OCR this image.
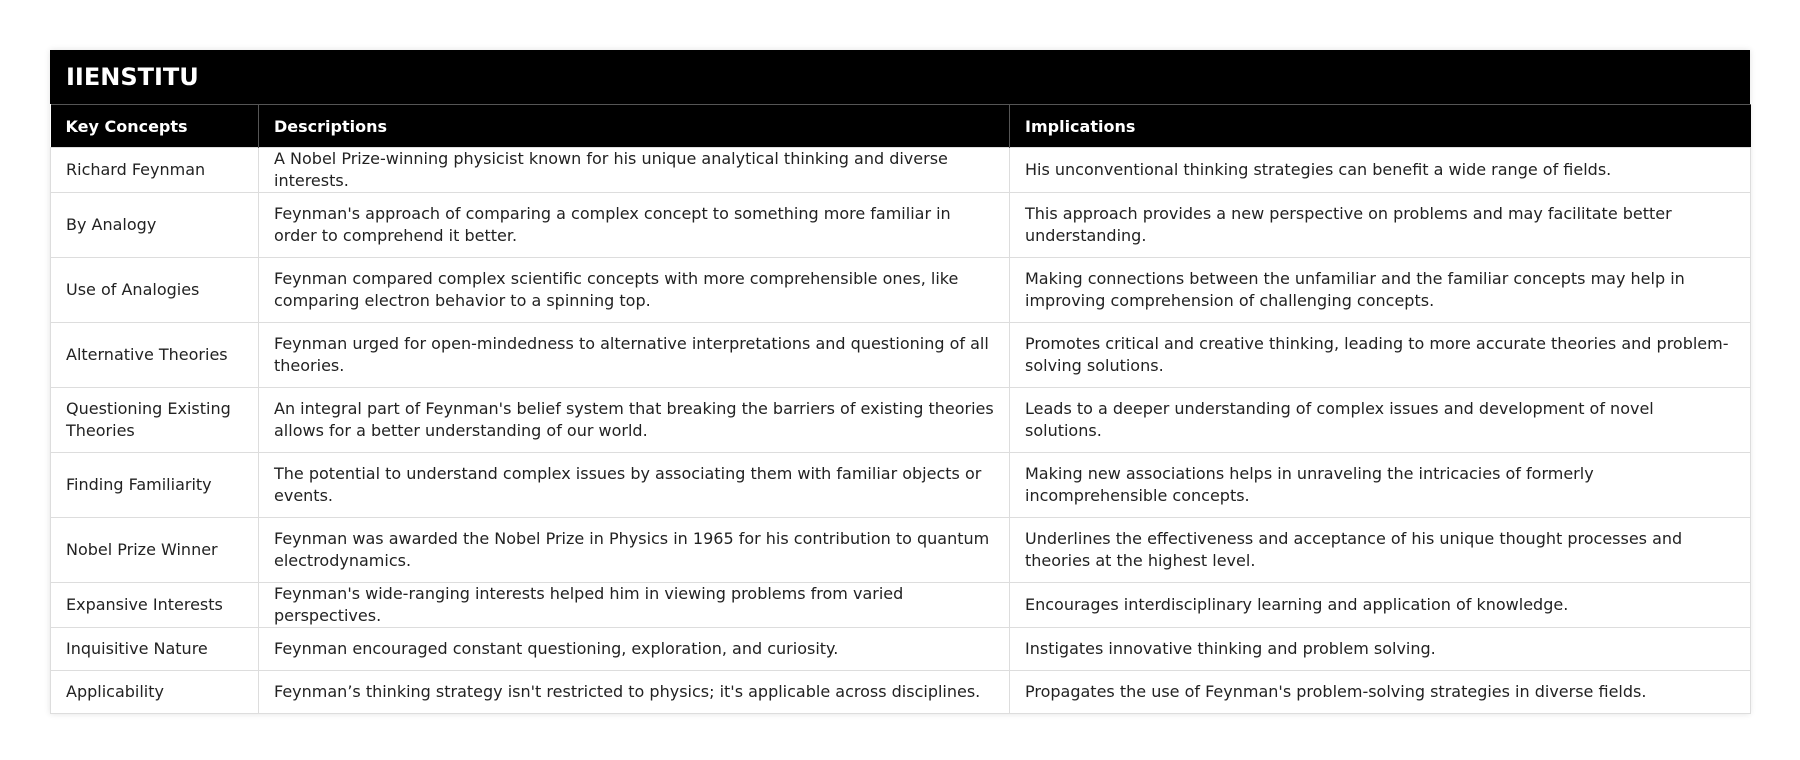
IIENSTITU
Key Concepts	Descriptions	Implications
Richard Feynman	A Nobel Prize-winning physicist known for his unique analytical thinking and diverse interests.	His unconventional thinking strategies can benefit a wide range of fields.
By Analogy	Feynman's approach of comparing a complex concept to something more familiar in order to comprehend it better.	This approach provides a new perspective on problems and may facilitate better understanding.
Use of Analogies	Feynman compared complex scientific concepts with more comprehensible ones, like comparing electron behavior to a spinning top.	Making connections between the unfamiliar and the familiar concepts may help in improving comprehension of challenging concepts.
Alternative Theories	Feynman urged for open-mindedness to alternative interpretations and questioning of all theories.	Promotes critical and creative thinking, leading to more accurate theories and problem-solving solutions.
Questioning Existing Theories	An integral part of Feynman's belief system that breaking the barriers of existing theories allows for a better understanding of our world.	Leads to a deeper understanding of complex issues and development of novel solutions.
Finding Familiarity	The potential to understand complex issues by associating them with familiar objects or events.	Making new associations helps in unraveling the intricacies of formerly incomprehensible concepts.
Nobel Prize Winner	Feynman was awarded the Nobel Prize in Physics in 1965 for his contribution to quantum electrodynamics.	Underlines the effectiveness and acceptance of his unique thought processes and theories at the highest level.
Expansive Interests	Feynman's wide-ranging interests helped him in viewing problems from varied perspectives.	Encourages interdisciplinary learning and application of knowledge.
Inquisitive Nature	Feynman encouraged constant questioning, exploration, and curiosity.	Instigates innovative thinking and problem solving.
Applicability	Feynman’s thinking strategy isn't restricted to physics; it's applicable across disciplines.	Propagates the use of Feynman's problem-solving strategies in diverse fields.
